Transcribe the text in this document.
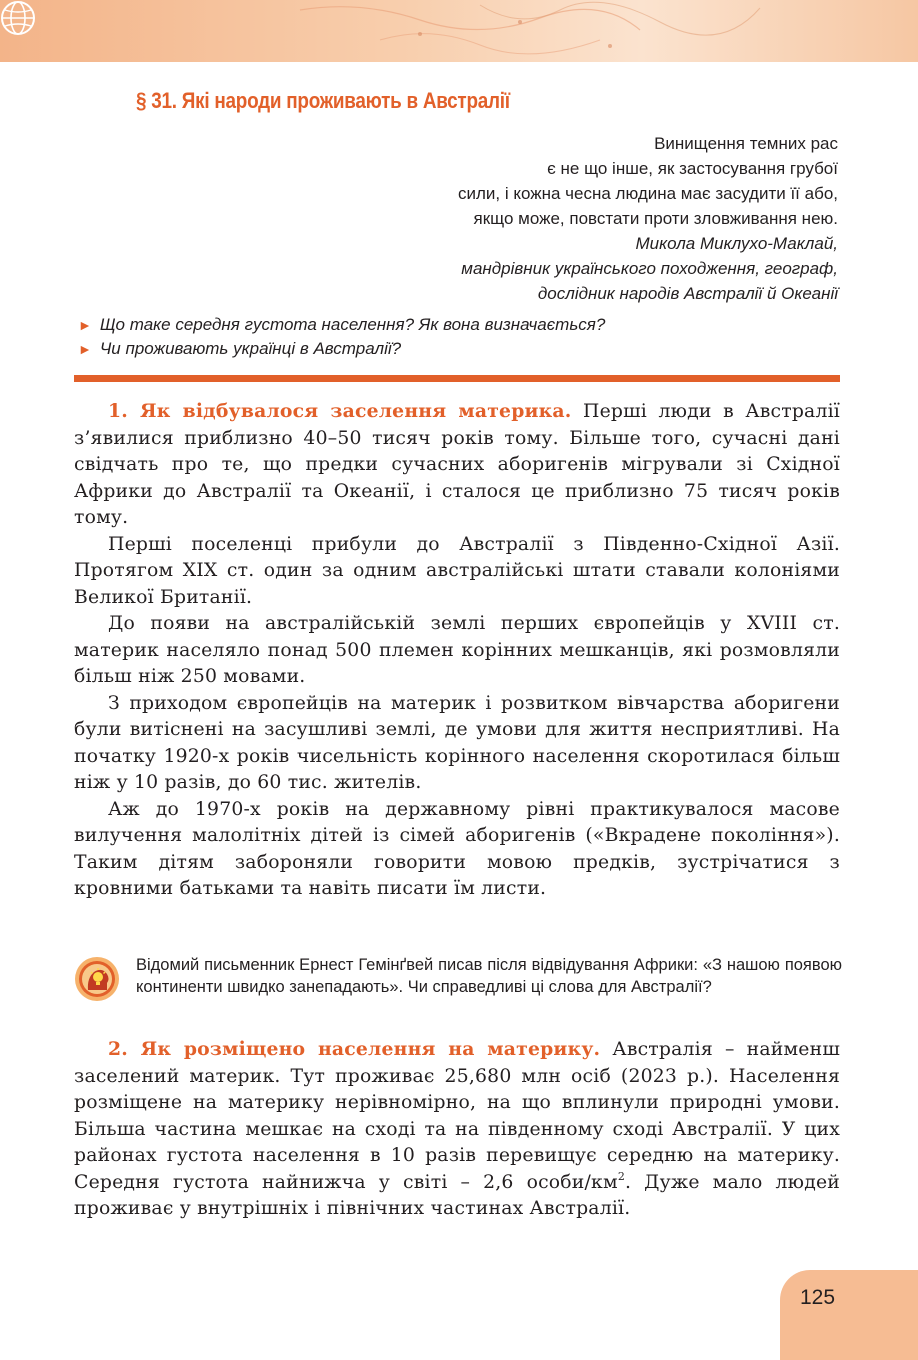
§ 31. Які народи проживають в Австралії
Винищення темних рас
є не що інше, як застосування грубої
сили, і кожна чесна людина має засудити її або,
якщо може, повстати проти зловживання нею.
Микола Миклухо-Маклай,
мандрівник українського походження, географ,
дослідник народів Австралії й Океанії
► Що таке середня густота населення? Як вона визначається?
► Чи проживають українці в Австралії?

1. Як відбувалося заселення материка. Перші люди в Австралії з’явилися приблизно 40–50 тисяч років тому. Більше того, сучасні дані свідчать про те, що предки сучасних аборигенів мігрували зі Східної Африки до Австралії та Океанії, і сталося це приблизно 75 тисяч років тому.

Перші поселенці прибули до Австралії з Південно-Східної Азії. Протягом XIX ст. один за одним австралійські штати ставали колоніями Великої Британії.

До появи на австралійській землі перших європейців у XVIII ст. материк населяло понад 500 племен корінних мешканців, які розмовляли більш ніж 250 мовами.

З приходом європейців на материк і розвитком вівчарства аборигени були витіснені на засушливі землі, де умови для життя несприятливі. На початку 1920-х років чисельність корінного населення скоротилася більш ніж у 10 разів, до 60 тис. жителів.

Аж до 1970-х років на державному рівні практикувалося масове вилучення малолітніх дітей із сімей аборигенів («Вкрадене покоління»). Таким дітям забороняли говорити мовою предків, зустрічатися з кровними батьками та навіть писати їм листи.

Відомий письменник Ернест Гемінґвей писав після відвідування Африки: «З нашою появою континенти швидко занепадають». Чи справедливі ці слова для Австралії?

2. Як розміщено населення на материку. Австралія – найменш заселений материк. Тут проживає 25,680 млн осіб (2023 р.). Населення розміщене на материку нерівномірно, на що вплинули природні умови. Більша частина мешкає на сході та на південному сході Австралії. У цих районах густота населення в 10 разів перевищує середню на материку. Середня густота найнижча у світі – 2,6 особи/$км^2$. Дуже мало людей проживає у внутрішніх і північних частинах Австралії.

125
